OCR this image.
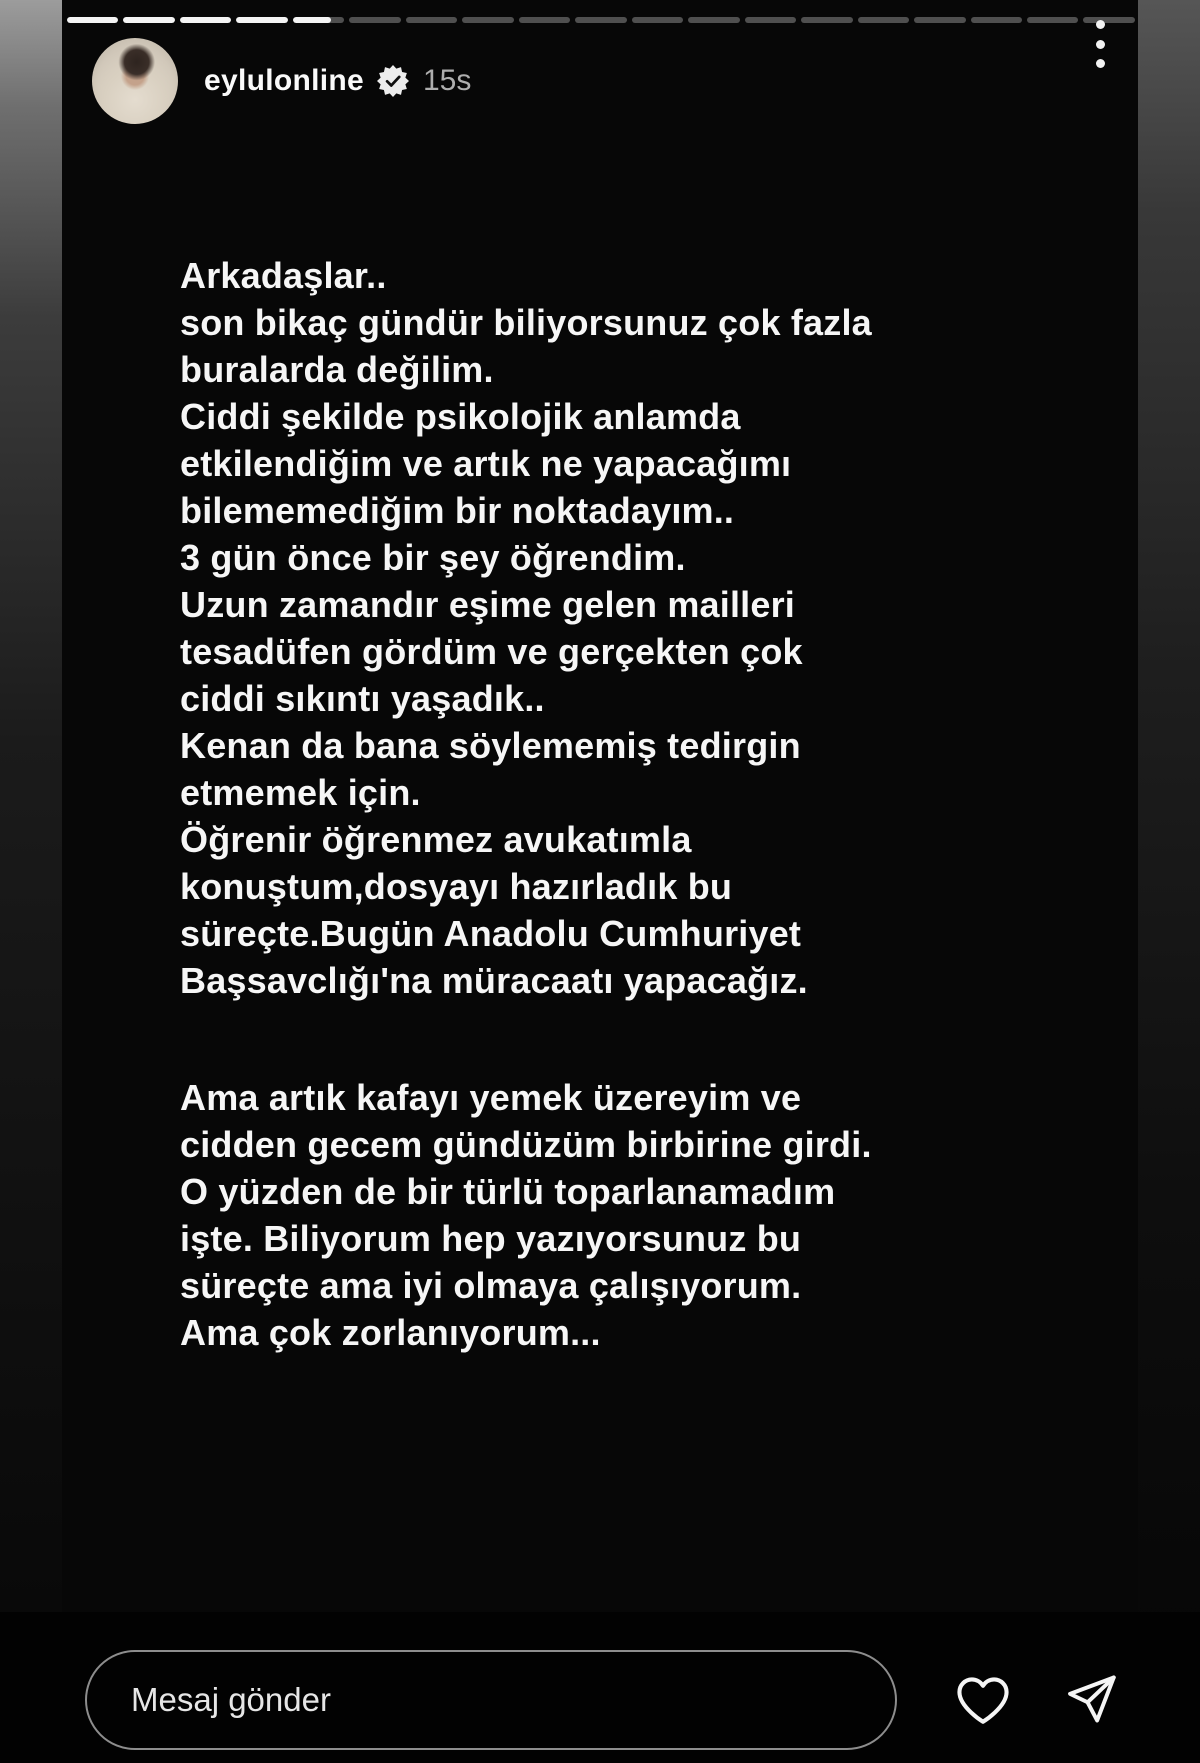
eylulonline 15s
Arkadaşlar..
son bikaç gündür biliyorsunuz çok fazla
buralarda değilim.
Ciddi şekilde psikolojik anlamda
etkilendiğim ve artık ne yapacağımı
bilememediğim bir noktadayım..
3 gün önce bir şey öğrendim.
Uzun zamandır eşime gelen mailleri
tesadüfen gördüm ve gerçekten çok
ciddi sıkıntı yaşadık..
Kenan da bana söylememiş tedirgin
etmemek için.
Öğrenir öğrenmez avukatımla
konuştum,dosyayı hazırladık bu
süreçte.Bugün Anadolu Cumhuriyet
Başsavclığı'na müracaatı yapacağız.
Ama artık kafayı yemek üzereyim ve
cidden gecem gündüzüm birbirine girdi.
O yüzden de bir türlü toparlanamadım
işte. Biliyorum hep yazıyorsunuz bu
süreçte ama iyi olmaya çalışıyorum.
Ama çok zorlanıyorum...
Mesaj gönder
